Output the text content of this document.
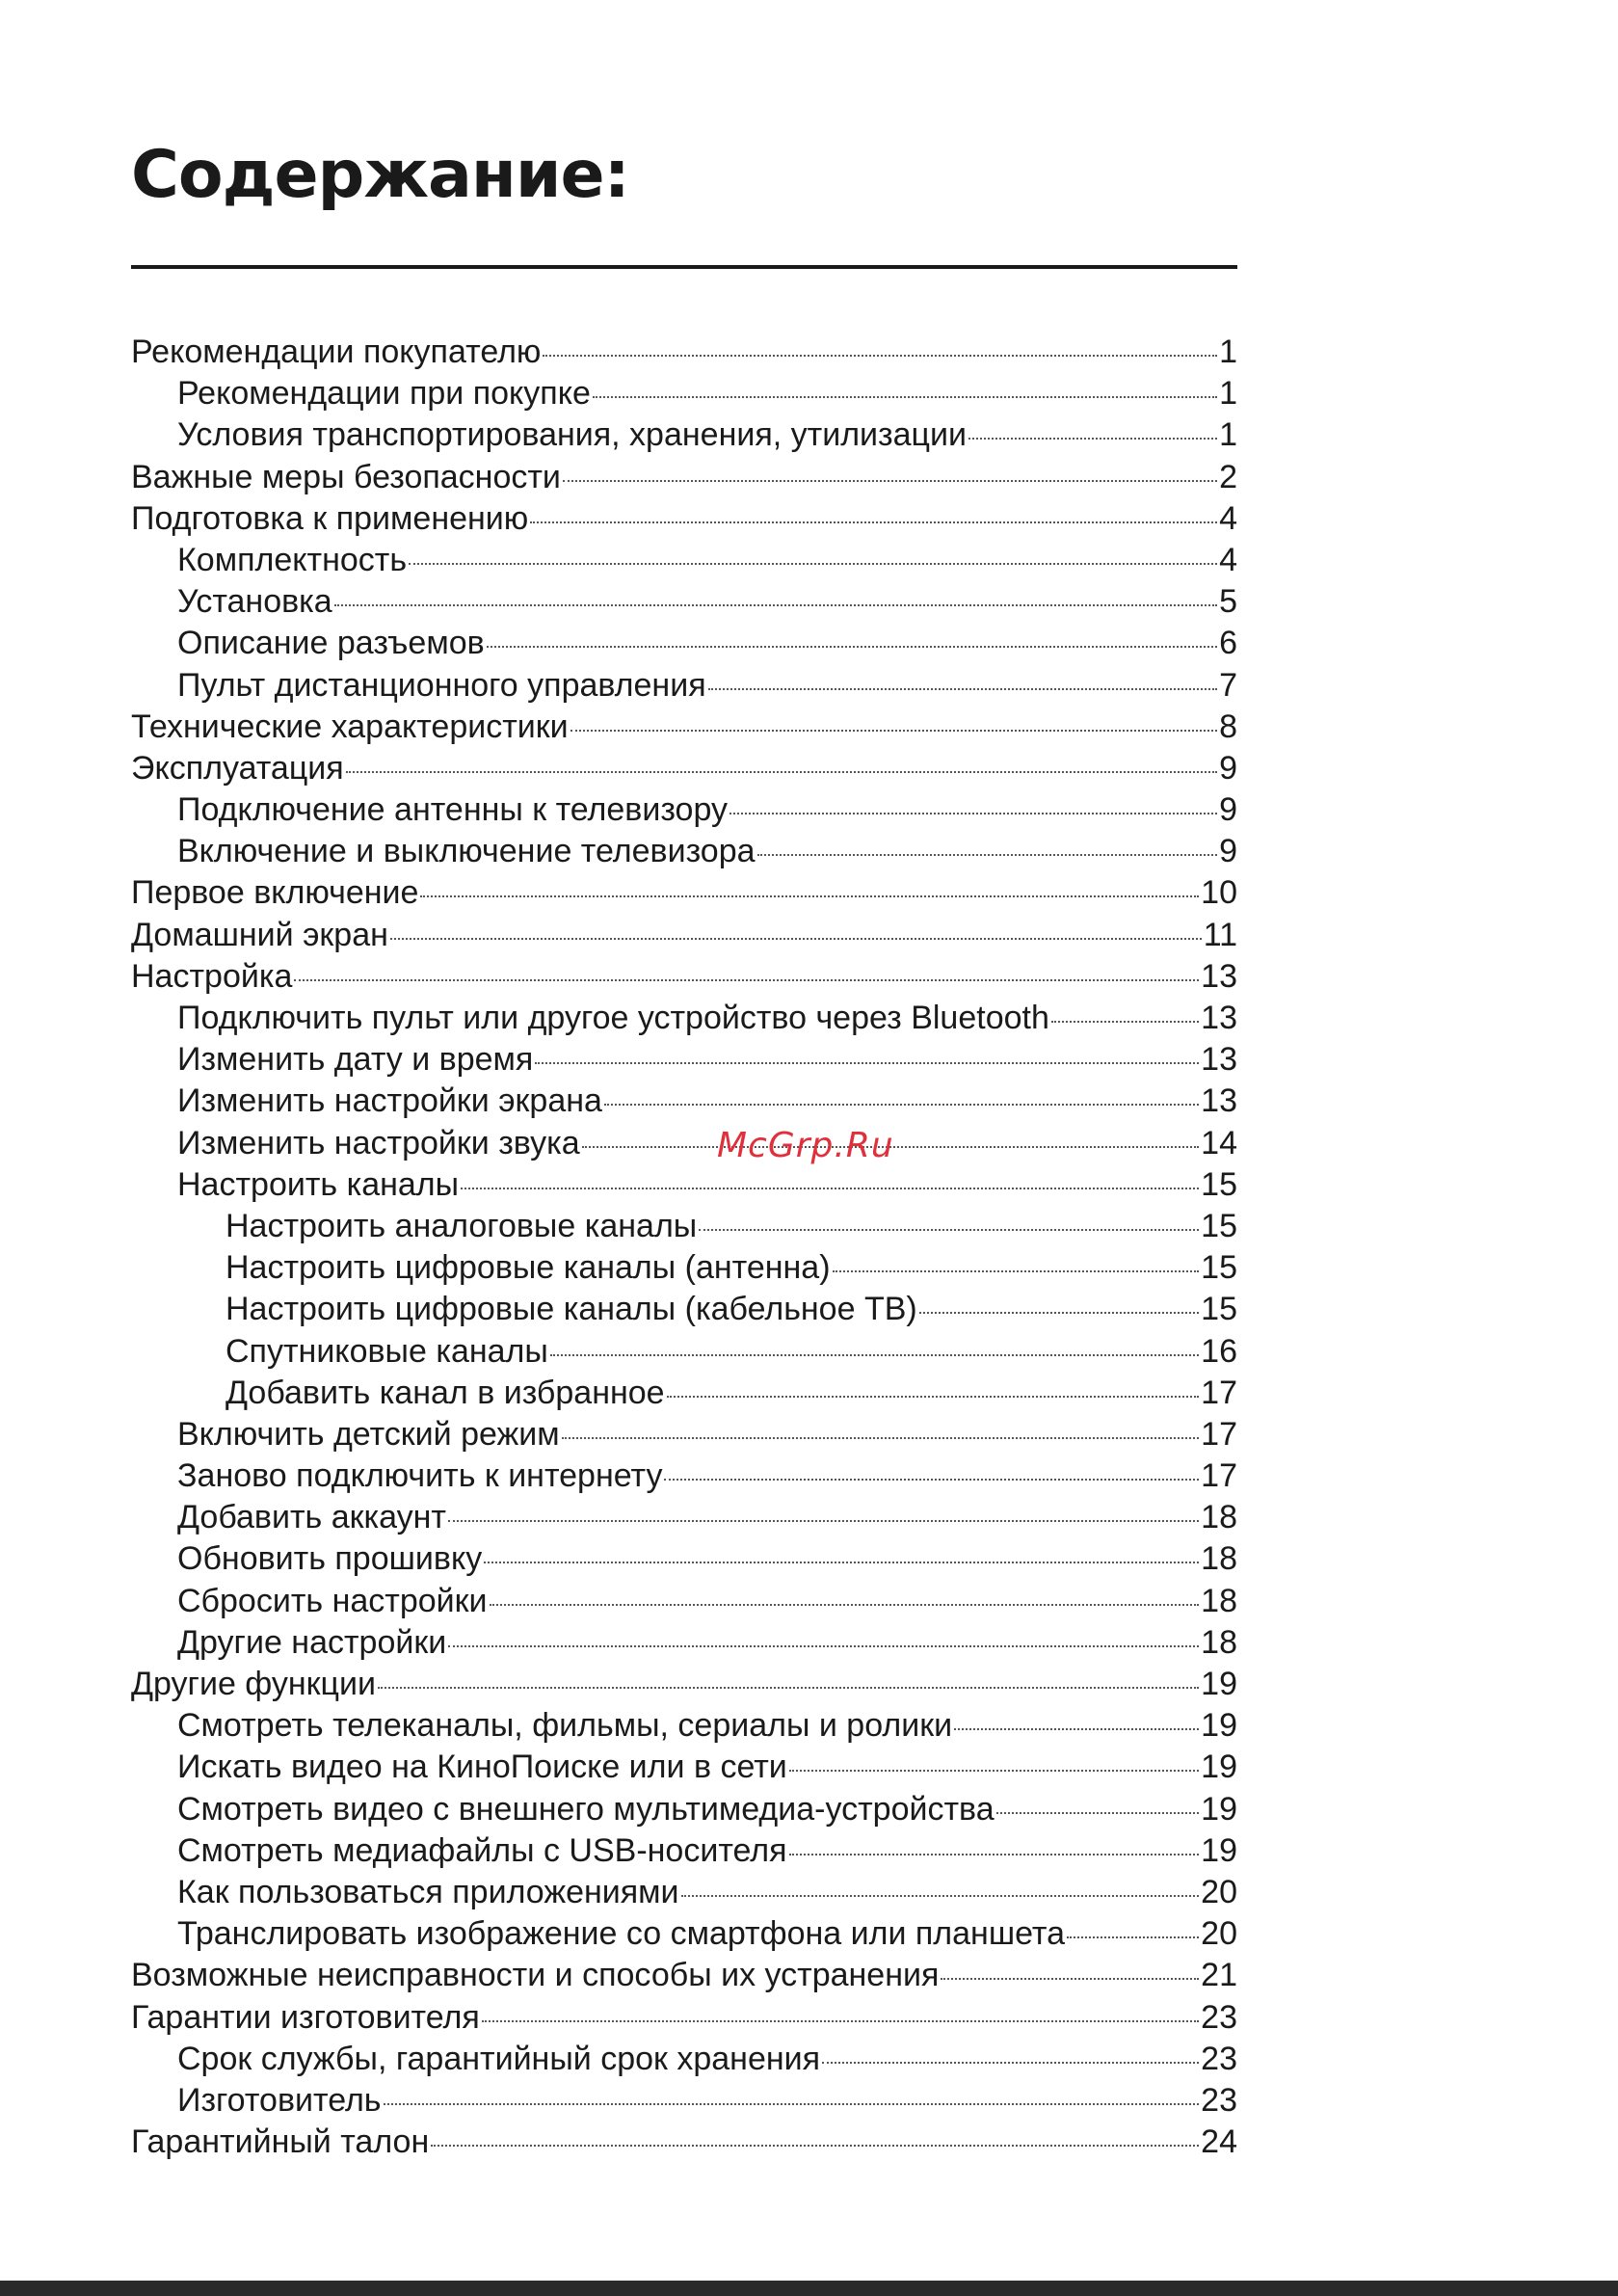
Содержание:
Рекомендации покупателю	1
Рекомендации при покупке	1
Условия транспортирования, хранения, утилизации	1
Важные меры безопасности	2
Подготовка к применению	4
Комплектность	4
Установка	5
Описание разъемов	6
Пульт дистанционного управления	7
Технические характеристики	8
Эксплуатация	9
Подключение антенны к телевизору	9
Включение и выключение телевизора	9
Первое включение	10
Домашний экран	11
Настройка	13
Подключить пульт или другое устройство через Bluetooth	13
Изменить дату и время	13
Изменить настройки экрана	13
Изменить настройки звука	14
Настроить каналы	15
Настроить аналоговые каналы	15
Настроить цифровые каналы (антенна)	15
Настроить цифровые каналы (кабельное ТВ)	15
Спутниковые каналы	16
Добавить канал в избранное	17
Включить детский режим	17
Заново подключить к интернету	17
Добавить аккаунт	18
Обновить прошивку	18
Сбросить настройки	18
Другие настройки	18
Другие функции	19
Смотреть телеканалы, фильмы, сериалы и ролики	19
Искать видео на КиноПоиске или в сети	19
Смотреть видео с внешнего мультимедиа-устройства	19
Смотреть медиафайлы с USB-носителя	19
Как пользоваться приложениями	20
Транслировать изображение со смартфона или планшета	20
Возможные неисправности и способы их устранения	21
Гарантии изготовителя	23
Срок службы, гарантийный срок хранения	23
Изготовитель	23
Гарантийный талон	24
McGrp.Ru
